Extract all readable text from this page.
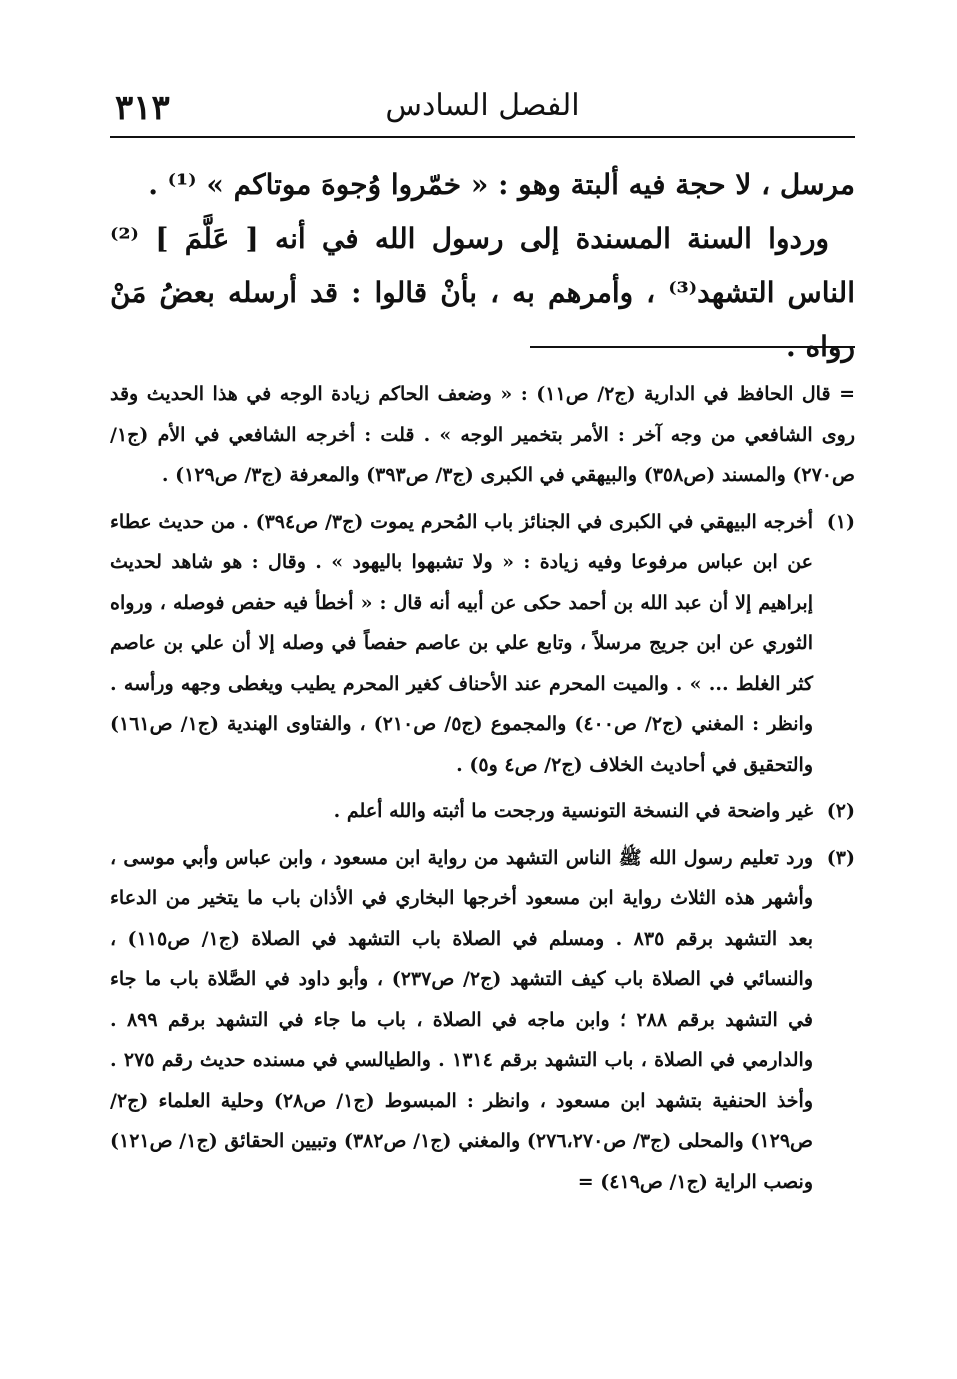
٣١٣	الفصل السادس

مرسل ، لا حجة فيه ألبتة وهو : « خمّروا وُجوهَ موتاكم » ⁽¹⁾ .

وردوا السنة المسندة إلى رسول الله في أنه [ عَلَّمَ ] ⁽²⁾ الناس التشهد⁽³⁾ ، وأمرهم به ، بأنْ قالوا : قد أرسله بعضُ مَنْ رواه .

= قال الحافظ في الدارية (ج٢/ ص١١) : « وضعف الحاكم زيادة الوجه في هذا الحديث وقد روى الشافعي من وجه آخر : الأمر بتخمير الوجه » . قلت : أخرجه الشافعي في الأم (ج١/ ص٢٧٠) والمسند (ص٣٥٨) والبيهقي في الكبرى (ج٣/ ص٣٩٣) والمعرفة (ج٣/ ص١٢٩) .
(١)
أخرجه البيهقي في الكبرى في الجنائز باب المُحرم يموت (ج٣/ ص٣٩٤) . من حديث عطاء عن ابن عباس مرفوعا وفيه زيادة : « ولا تشبهوا باليهود » . وقال : هو شاهد لحديث إبراهيم إلا أن عبد الله بن أحمد حكى عن أبيه أنه قال : « أخطأ فيه حفص فوصله ، ورواه الثوري عن ابن جريج مرسلاً ، وتابع علي بن عاصم حفصاً في وصله إلا أن علي بن عاصم كثر الغلط ... » . والميت المحرم عند الأحناف كغير المحرم يطيب ويغطى وجهه ورأسه . وانظر : المغني (ج٢/ ص٤٠٠) والمجموع (ج٥/ ص٢١٠) ، والفتاوى الهندية (ج١/ ص١٦١) والتحقيق في أحاديث الخلاف (ج٢/ ص٤ و٥) .
(٢)
غير واضحة في النسخة التونسية ورجحت ما أثبته والله أعلم .
(٣)
ورد تعليم رسول الله ﷺ الناس التشهد من رواية ابن مسعود ، وابن عباس وأبي موسى ، وأشهر هذه الثلاث رواية ابن مسعود أخرجها البخاري في الأذان باب ما يتخير من الدعاء بعد التشهد برقم ٨٣٥ . ومسلم في الصلاة باب التشهد في الصلاة (ج١/ ص١١٥) ، والنسائي في الصلاة باب كيف التشهد (ج٢/ ص٢٣٧) ، وأبو داود في الصَّلاة باب ما جاء في التشهد برقم ٢٨٨ ؛ وابن ماجه في الصلاة ، باب ما جاء في التشهد برقم ٨٩٩ . والدارمي في الصلاة ، باب التشهد برقم ١٣١٤ . والطيالسي في مسنده حديث رقم ٢٧٥ . وأخذ الحنفية بتشهد ابن مسعود ، وانظر : المبسوط (ج١/ ص٢٨) وحلية العلماء (ج٢/ ص١٢٩) والمحلى (ج٣/ ص٢٧٦،٢٧٠) والمغني (ج١/ ص٣٨٢) وتبيين الحقائق (ج١/ ص١٢١) ونصب الراية (ج١/ ص٤١٩) =
